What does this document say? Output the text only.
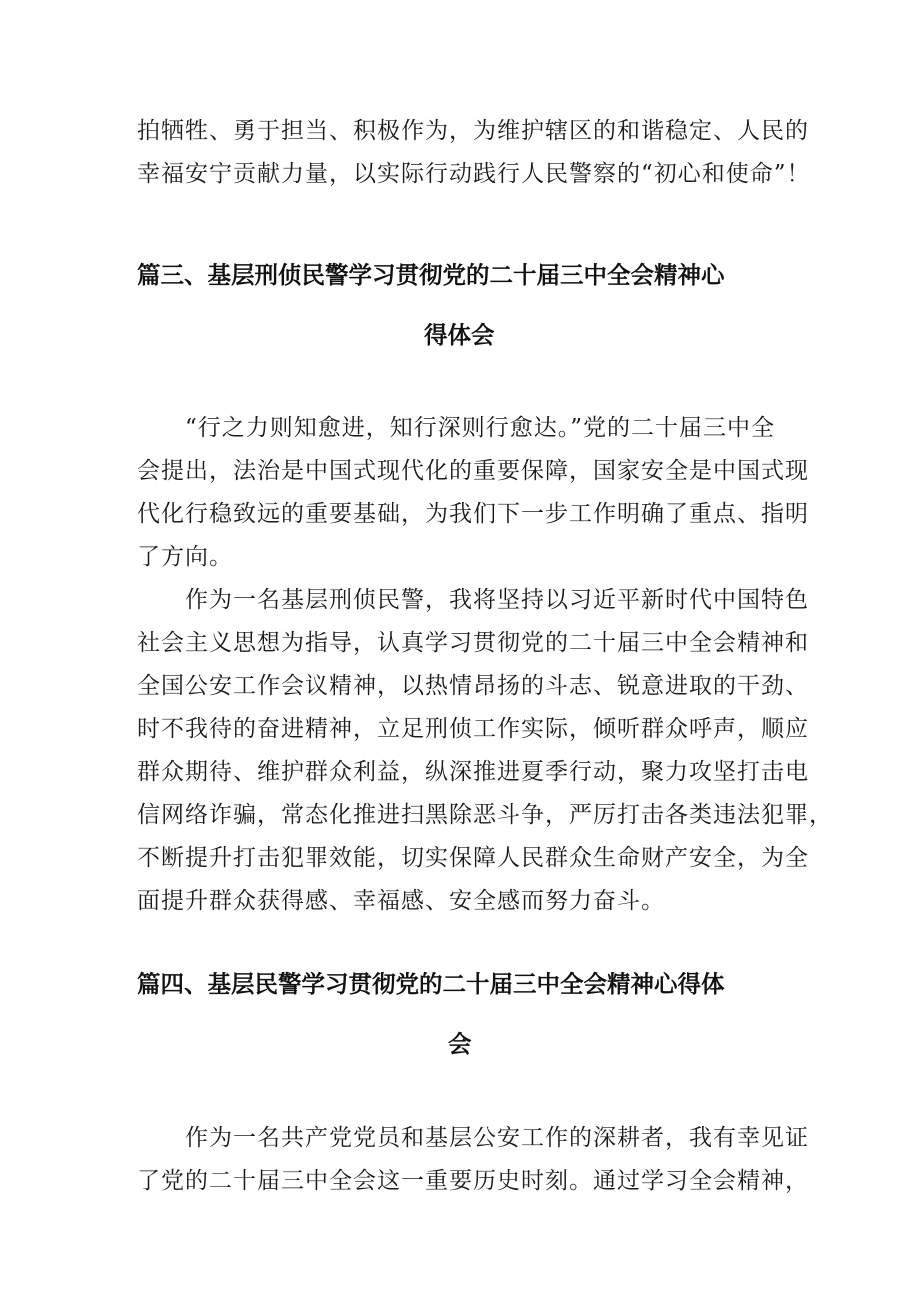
拍牺牲、勇于担当、积极作为，为维护辖区的和谐稳定、人民的
幸福安宁贡献力量，以实际行动践行人民警察的“初心和使命”！
篇三、基层刑侦民警学习贯彻党的二十届三中全会精神心
得体会
　　“行之力则知愈进，知行深则行愈达。”党的二十届三中全
会提出，法治是中国式现代化的重要保障，国家安全是中国式现
代化行稳致远的重要基础，为我们下一步工作明确了重点、指明
了方向。
　　作为一名基层刑侦民警，我将坚持以习近平新时代中国特色
社会主义思想为指导，认真学习贯彻党的二十届三中全会精神和
全国公安工作会议精神，以热情昂扬的斗志、锐意进取的干劲、
时不我待的奋进精神，立足刑侦工作实际，倾听群众呼声，顺应
群众期待、维护群众利益，纵深推进夏季行动，聚力攻坚打击电
信网络诈骗，常态化推进扫黑除恶斗争，严厉打击各类违法犯罪，
不断提升打击犯罪效能，切实保障人民群众生命财产安全，为全
面提升群众获得感、幸福感、安全感而努力奋斗。
篇四、基层民警学习贯彻党的二十届三中全会精神心得体
会
　　作为一名共产党党员和基层公安工作的深耕者，我有幸见证
了党的二十届三中全会这一重要历史时刻。通过学习全会精神，
